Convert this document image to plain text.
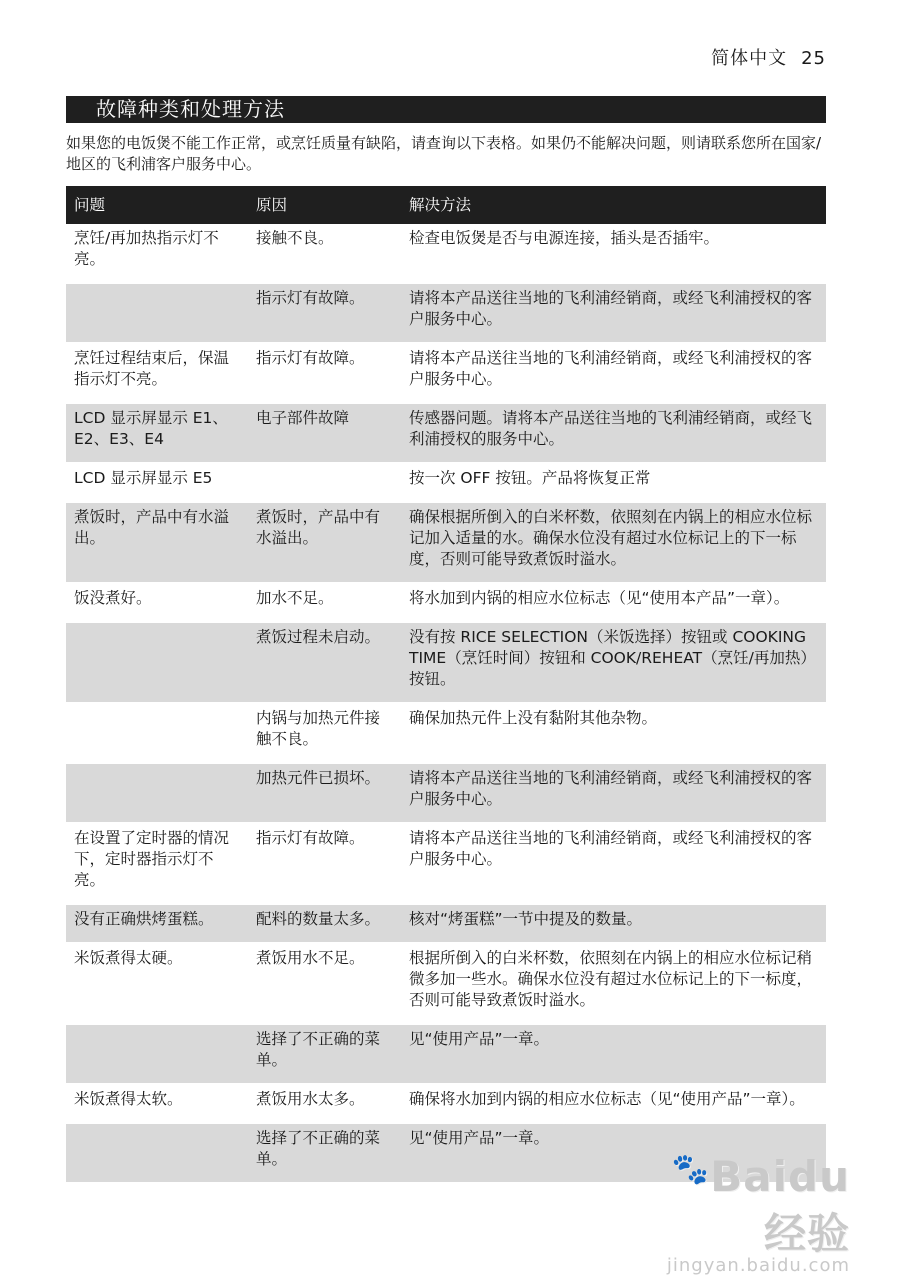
简体中文 25
故障种类和处理方法

如果您的电饭煲不能工作正常，或烹饪质量有缺陷，请查询以下表格。如果仍不能解决问题，则请联系您所在国家/地区的飞利浦客户服务中心。

问题	原因	解决方法
烹饪/再加热指示灯不亮。	接触不良。	检查电饭煲是否与电源连接，插头是否插牢。
	指示灯有故障。	请将本产品送往当地的飞利浦经销商，或经飞利浦授权的客户服务中心。
烹饪过程结束后，保温指示灯不亮。	指示灯有故障。	请将本产品送往当地的飞利浦经销商，或经飞利浦授权的客户服务中心。
LCD 显示屏显示 E1、E2、E3、E4	电子部件故障	传感器问题。请将本产品送往当地的飞利浦经销商，或经飞利浦授权的服务中心。
LCD 显示屏显示 E5		按一次 OFF 按钮。产品将恢复正常
煮饭时，产品中有水溢出。	煮饭时，产品中有水溢出。	确保根据所倒入的白米杯数，依照刻在内锅上的相应水位标记加入适量的水。确保水位没有超过水位标记上的下一标度，否则可能导致煮饭时溢水。
饭没煮好。	加水不足。	将水加到内锅的相应水位标志（见“使用本产品”一章）。
	煮饭过程未启动。	没有按 RICE SELECTION（米饭选择）按钮或 COOKING TIME（烹饪时间）按钮和 COOK/REHEAT（烹饪/再加热）按钮。
	内锅与加热元件接触不良。	确保加热元件上没有黏附其他杂物。
	加热元件已损坏。	请将本产品送往当地的飞利浦经销商，或经飞利浦授权的客户服务中心。
在设置了定时器的情况下，定时器指示灯不亮。	指示灯有故障。	请将本产品送往当地的飞利浦经销商，或经飞利浦授权的客户服务中心。
没有正确烘烤蛋糕。	配料的数量太多。	核对“烤蛋糕”一节中提及的数量。
米饭煮得太硬。	煮饭用水不足。	根据所倒入的白米杯数，依照刻在内锅上的相应水位标记稍微多加一些水。确保水位没有超过水位标记上的下一标度，否则可能导致煮饭时溢水。
	选择了不正确的菜单。	见“使用产品”一章。
米饭煮得太软。	煮饭用水太多。	确保将水加到内锅的相应水位标志（见“使用产品”一章）。
	选择了不正确的菜单。	见“使用产品”一章。
🐾Baidu经验
jingyan.baidu.com
